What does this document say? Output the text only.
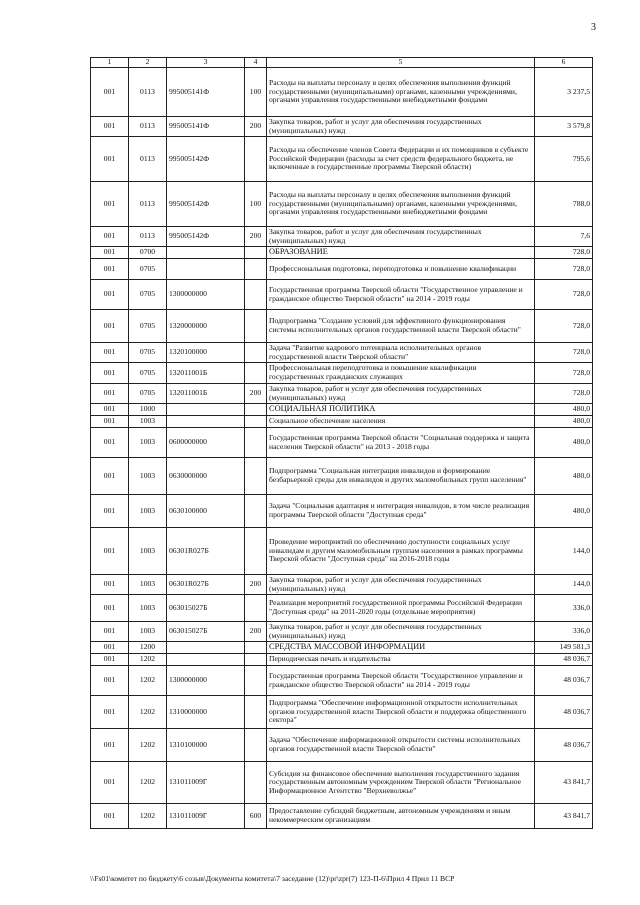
3
1	2	3	4	5	6
001	0113	995005141Ф	100	Расходы на выплаты персоналу в целях обеспечения выполнения функций государственными (муниципальными) органами, казенными учреждениями, органами управления государственными внебюджетными фондами	3 237,5
001	0113	995005141Ф	200	Закупка товаров, работ и услуг для обеспечения государственных (муниципальных) нужд	3 579,8
001	0113	995005142Ф		Расходы на обеспечение членов Совета Федерации и их помощников в субъекте Российской Федерации (расходы за счет средств федерального бюджета, не включенные в государственные программы Тверской области)	795,6
001	0113	995005142Ф	100	Расходы на выплаты персоналу в целях обеспечения выполнения функций государственными (муниципальными) органами, казенными учреждениями, органами управления государственными внебюджетными фондами	788,0
001	0113	995005142Ф	200	Закупка товаров, работ и услуг для обеспечения государственных (муниципальных) нужд	7,6
001	0700			ОБРАЗОВАНИЕ	728,0
001	0705			Профессиональная подготовка, переподготовка и повышение квалификации	728,0
001	0705	1300000000		Государственная программа Тверской области "Государственное управление и гражданское общество Тверской области" на 2014 - 2019 годы	728,0
001	0705	1320000000		Подпрограмма "Создание условий для эффективного функционирования системы исполнительных органов государственной власти Тверской области"	728,0
001	0705	1320100000		Задача "Развитие кадрового потенциала исполнительных органов государственной власти Тверской области"	728,0
001	0705	132011001Б		Профессиональная переподготовка и повышение квалификации государственных гражданских служащих	728,0
001	0705	132011001Б	200	Закупка товаров, работ и услуг для обеспечения государственных (муниципальных) нужд	728,0
001	1000			СОЦИАЛЬНАЯ ПОЛИТИКА	480,0
001	1003			Социальное обеспечение населения	480,0
001	1003	0600000000		Государственная программа Тверской области "Социальная поддержка и защита населения Тверской области" на 2013 - 2018 годы	480,0
001	1003	0630000000		Подпрограмма "Социальная интеграция инвалидов и формирование безбарьерной среды для инвалидов и других маломобильных групп населения"	480,0
001	1003	0630100000		Задача "Социальная адаптация и интеграция инвалидов, в том числе реализация программы Тверской области "Доступная среда"	480,0
001	1003	06301R027Б		Проведение мероприятий по обеспечению доступности социальных услуг инвалидам и другим маломобильным группам населения в рамках программы Тверской области "Доступная среда" на 2016-2018 годы	144,0
001	1003	06301R027Б	200	Закупка товаров, работ и услуг для обеспечения государственных (муниципальных) нужд	144,0
001	1003	063015027Б		Реализация мероприятий государственной программы Российской Федерации "Доступная среда" на 2011-2020 годы (отдельные мероприятия)	336,0
001	1003	063015027Б	200	Закупка товаров, работ и услуг для обеспечения государственных (муниципальных) нужд	336,0
001	1200			СРЕДСТВА МАССОВОЙ ИНФОРМАЦИИ	149 581,3
001	1202			Периодическая печать и издательства	48 036,7
001	1202	1300000000		Государственная программа Тверской области "Государственное управление и гражданское общество Тверской области" на 2014 - 2019 годы	48 036,7
001	1202	1310000000		Подпрограмма "Обеспечение информационной открытости исполнительных органов государственной власти Тверской области и поддержка общественного сектора"	48 036,7
001	1202	1310100000		Задача "Обеспечение информационной открытости системы исполнительных органов государственной власти Тверской области"	48 036,7
001	1202	131011009Г		Субсидия на финансовое обеспечение выполнения государственного задания государственным автономным учреждением Тверской области "Региональное Информационное Агентство "Верхневолжье"	43 841,7
001	1202	131011009Г	600	Предоставление субсидий бюджетным, автономным учреждениям и иным некоммерческим организациям	43 841,7
\\Fs01\комитет по бюджету\6 созыв\Документы комитета\7 заседание (12)\pr\zpr(7) 123-П-6\Прил 4 Прил 11 ВСР
